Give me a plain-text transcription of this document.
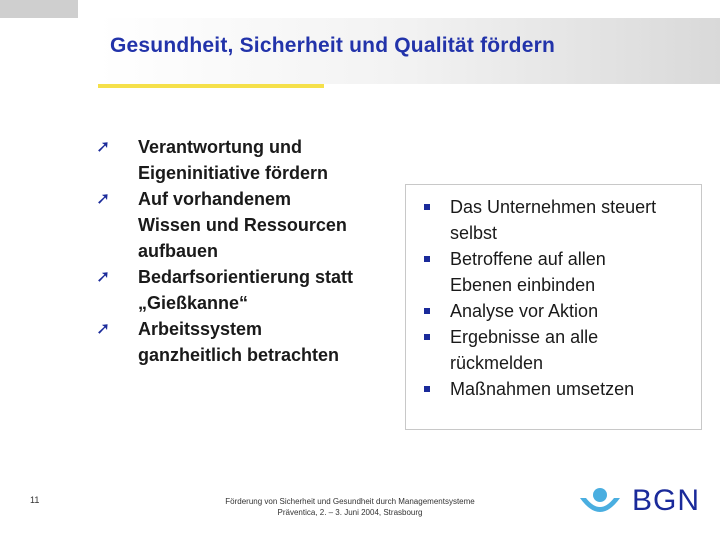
Gesundheit, Sicherheit und Qualität fördern
➚	Verantwortung und
Eigeninitiative fördern
➚	Auf vorhandenem
Wissen und Ressourcen
aufbauen
➚	Bedarfsorientierung statt
„Gießkanne“
➚	Arbeitssystem
ganzheitlich betrachten
Das Unternehmen steuert
selbst
Betroffene auf allen
Ebenen einbinden
Analyse vor Aktion
Ergebnisse an alle
rückmelden
Maßnahmen umsetzen
11	Förderung von Sicherheit und Gesundheit durch Managementsysteme
Präventica, 2. – 3. Juni 2004, Strasbourg	BGN
